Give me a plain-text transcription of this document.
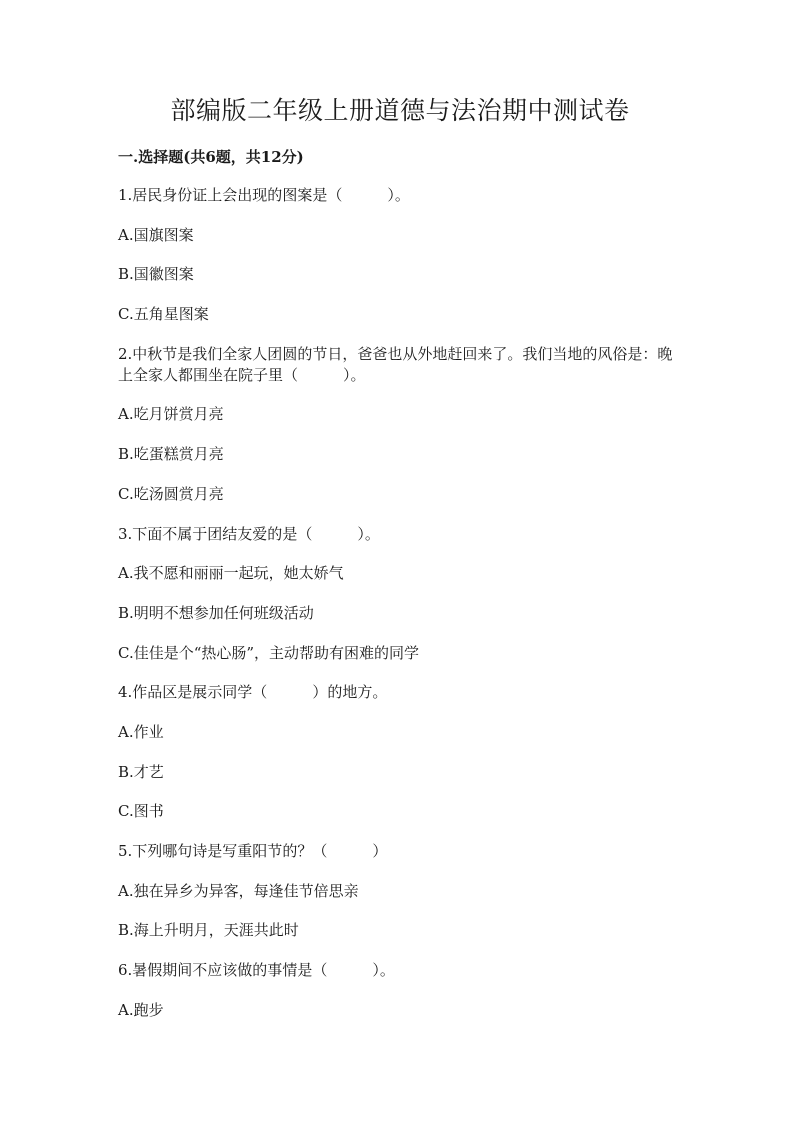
部编版二年级上册道德与法治期中测试卷
一.选择题(共6题，共12分)

1.居民身份证上会出现的图案是（　　　）。

A.国旗图案

B.国徽图案

C.五角星图案

2.中秋节是我们全家人团圆的节日，爸爸也从外地赶回来了。我们当地的风俗是：晚上全家人都围坐在院子里（　　　）。

A.吃月饼赏月亮

B.吃蛋糕赏月亮

C.吃汤圆赏月亮

3.下面不属于团结友爱的是（　　　）。

A.我不愿和丽丽一起玩，她太娇气

B.明明不想参加任何班级活动

C.佳佳是个“热心肠”，主动帮助有困难的同学

4.作品区是展示同学（　　　）的地方。

A.作业

B.才艺

C.图书

5.下列哪句诗是写重阳节的？（　　　）

A.独在异乡为异客，每逢佳节倍思亲

B.海上升明月，天涯共此时

6.暑假期间不应该做的事情是（　　　）。

A.跑步
